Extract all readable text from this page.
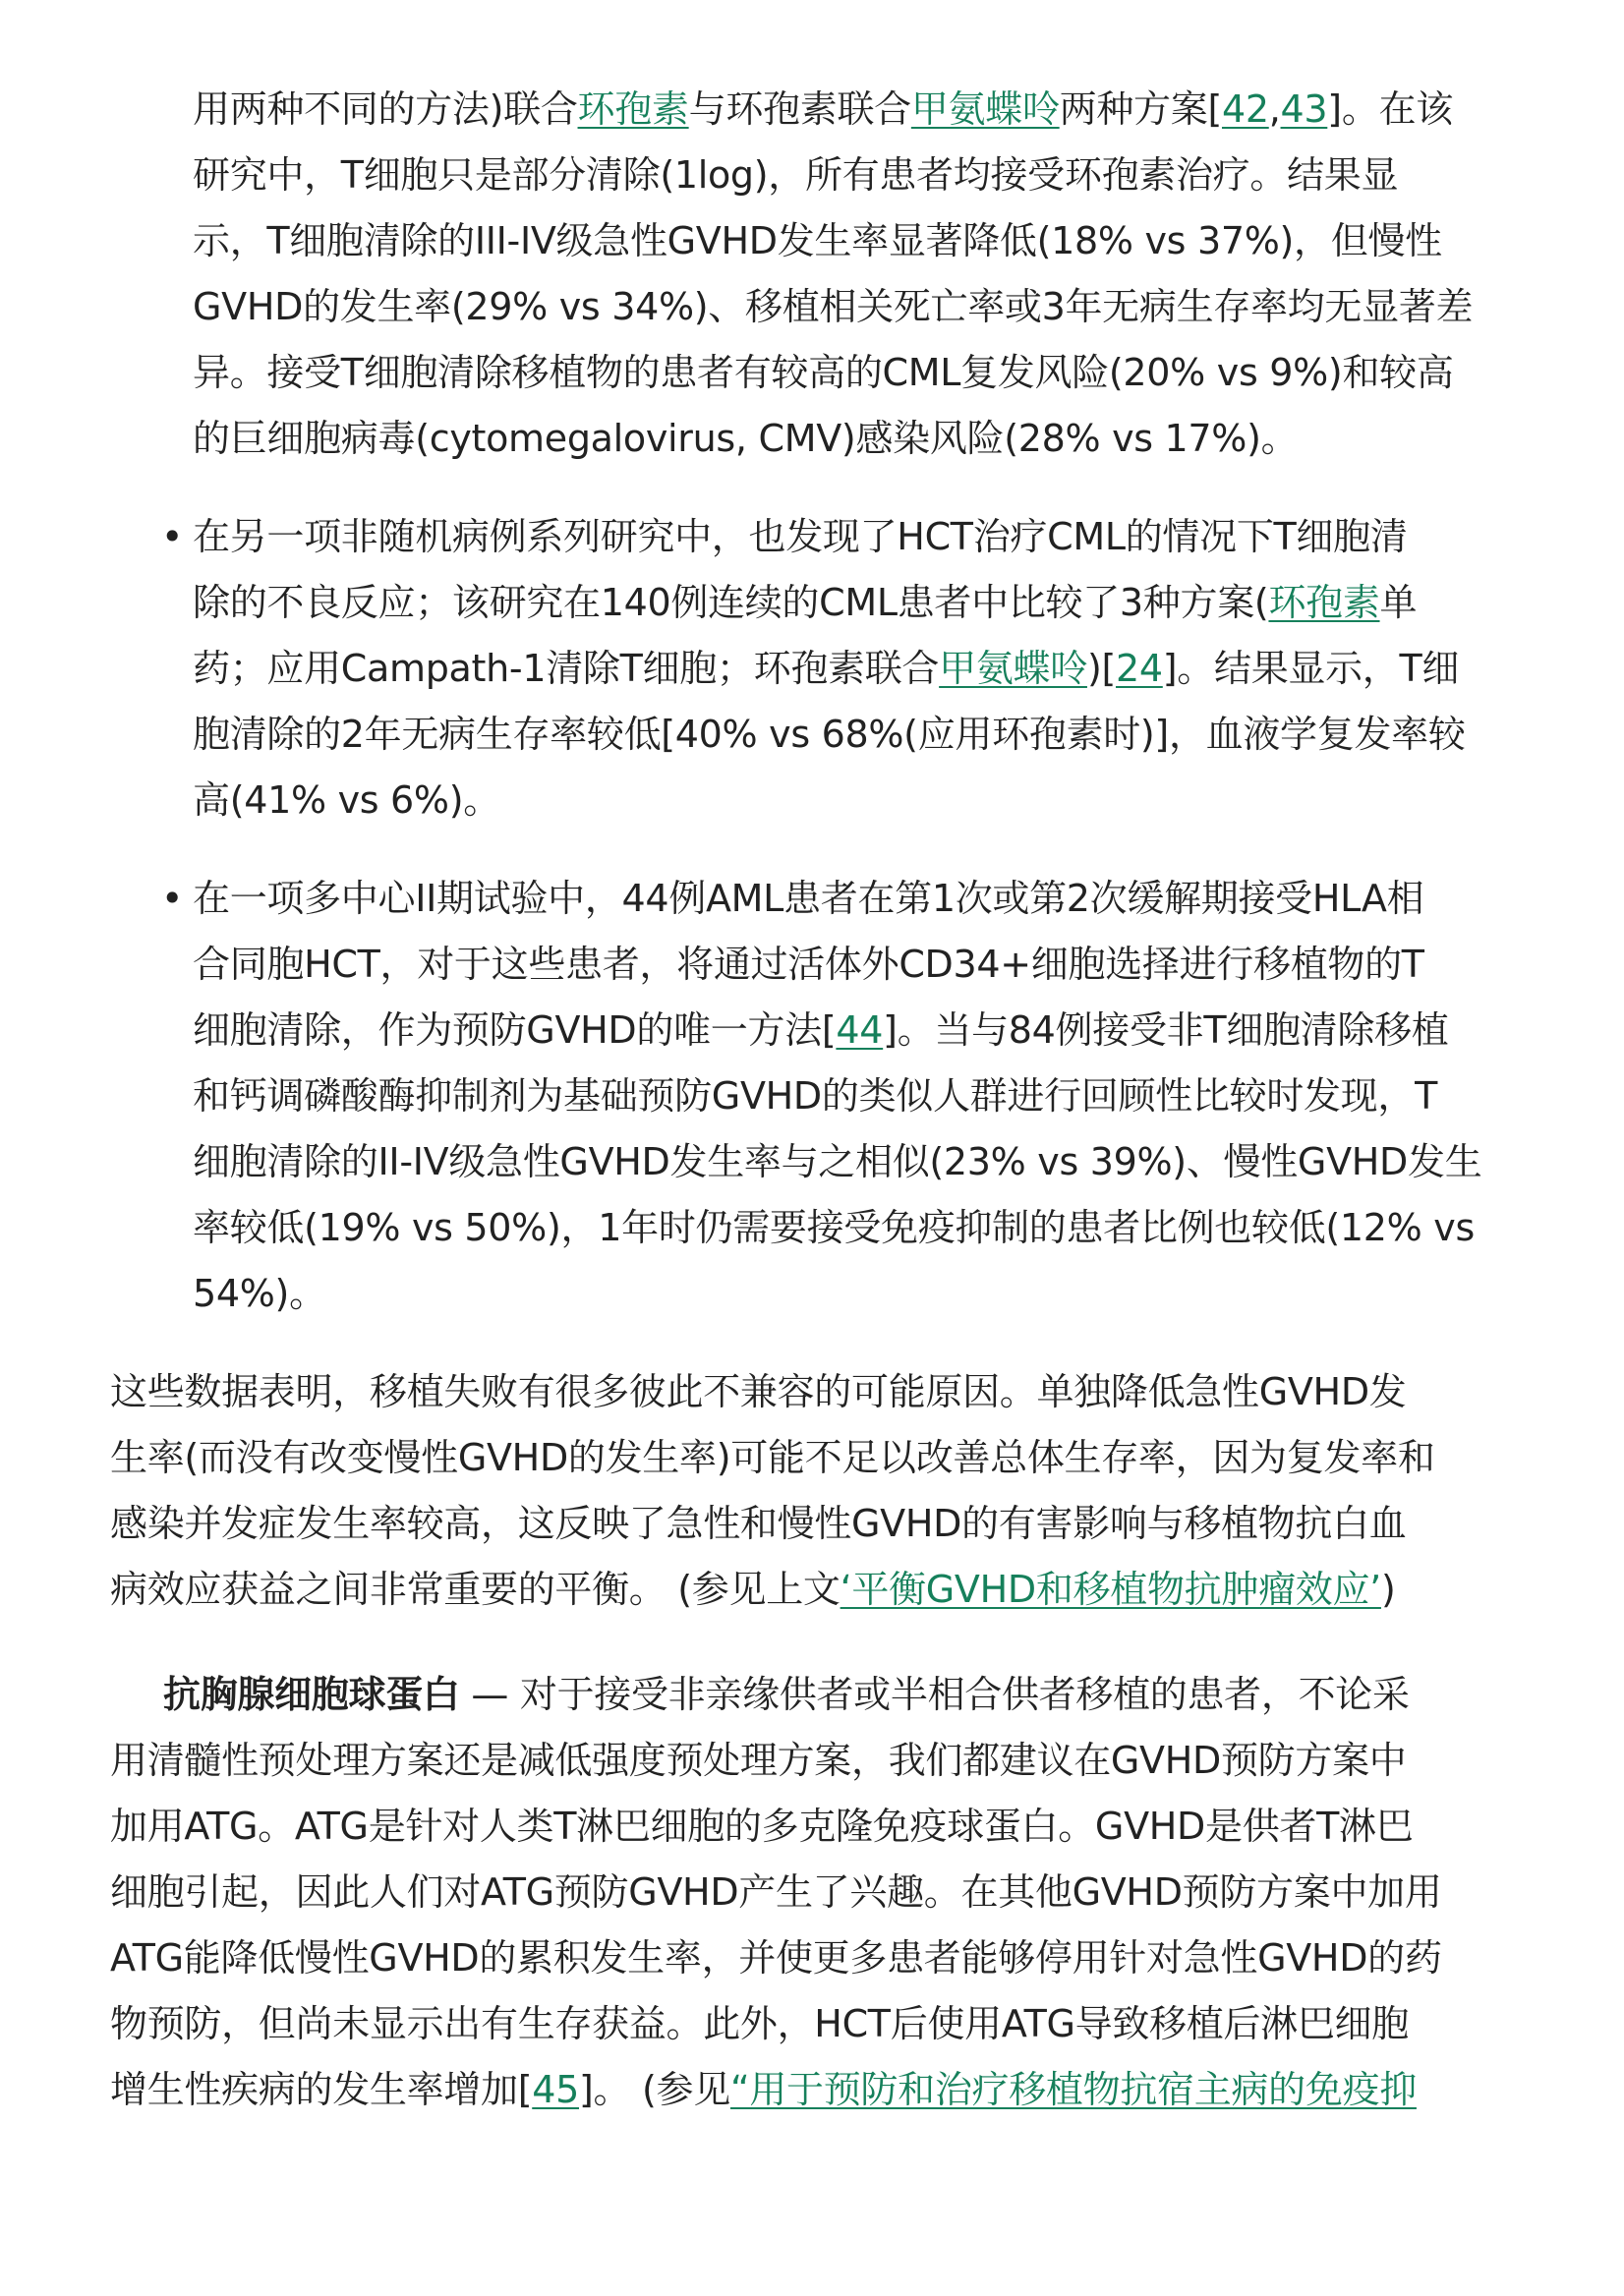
用两种不同的方法)联合环孢素与环孢素联合甲氨蝶呤两种方案[42,43]。在该
研究中，T细胞只是部分清除(1log)，所有患者均接受环孢素治疗。结果显
示，T细胞清除的III-IV级急性GVHD发生率显著降低(18% vs 37%)，但慢性
GVHD的发生率(29% vs 34%)、移植相关死亡率或3年无病生存率均无显著差
异。接受T细胞清除移植物的患者有较高的CML复发风险(20% vs 9%)和较高
的巨细胞病毒(cytomegalovirus, CMV)感染风险(28% vs 17%)。
• 在另一项非随机病例系列研究中，也发现了HCT治疗CML的情况下T细胞清
除的不良反应；该研究在140例连续的CML患者中比较了3种方案(环孢素单
药；应用Campath-1清除T细胞；环孢素联合甲氨蝶呤)[24]。结果显示，T细
胞清除的2年无病生存率较低[40% vs 68%(应用环孢素时)]，血液学复发率较
高(41% vs 6%)。
• 在一项多中心II期试验中，44例AML患者在第1次或第2次缓解期接受HLA相
合同胞HCT，对于这些患者，将通过活体外CD34+细胞选择进行移植物的T
细胞清除，作为预防GVHD的唯一方法[44]。当与84例接受非T细胞清除移植
和钙调磷酸酶抑制剂为基础预防GVHD的类似人群进行回顾性比较时发现，T
细胞清除的II-IV级急性GVHD发生率与之相似(23% vs 39%)、慢性GVHD发生
率较低(19% vs 50%)，1年时仍需要接受免疫抑制的患者比例也较低(12% vs
54%)。
这些数据表明，移植失败有很多彼此不兼容的可能原因。单独降低急性GVHD发
生率(而没有改变慢性GVHD的发生率)可能不足以改善总体生存率，因为复发率和
感染并发症发生率较高，这反映了急性和慢性GVHD的有害影响与移植物抗白血
病效应获益之间非常重要的平衡。 (参见上文‘平衡GVHD和移植物抗肿瘤效应’)
抗胸腺细胞球蛋白 — 对于接受非亲缘供者或半相合供者移植的患者，不论采
用清髓性预处理方案还是减低强度预处理方案，我们都建议在GVHD预防方案中
加用ATG。ATG是针对人类T淋巴细胞的多克隆免疫球蛋白。GVHD是供者T淋巴
细胞引起，因此人们对ATG预防GVHD产生了兴趣。在其他GVHD预防方案中加用
ATG能降低慢性GVHD的累积发生率，并使更多患者能够停用针对急性GVHD的药
物预防，但尚未显示出有生存获益。此外，HCT后使用ATG导致移植后淋巴细胞
增生性疾病的发生率增加[45]。 (参见“用于预防和治疗移植物抗宿主病的免疫抑
